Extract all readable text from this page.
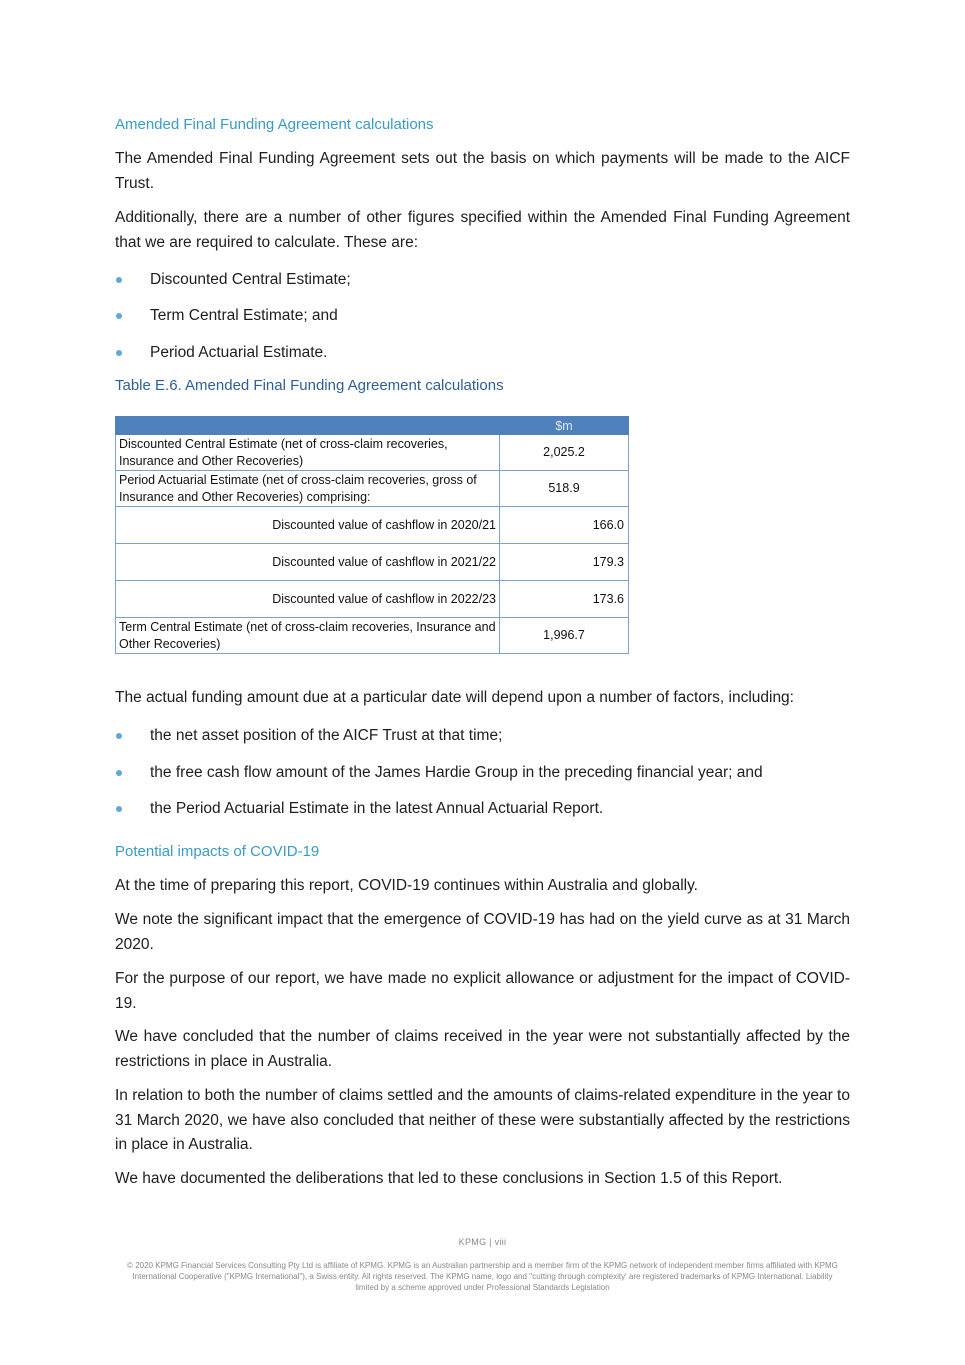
Amended Final Funding Agreement calculations
The Amended Final Funding Agreement sets out the basis on which payments will be made to the AICF Trust.
Additionally, there are a number of other figures specified within the Amended Final Funding Agreement that we are required to calculate. These are:
Discounted Central Estimate;
Term Central Estimate; and
Period Actuarial Estimate.
Table E.6. Amended Final Funding Agreement calculations
	$m
Discounted Central Estimate (net of cross-claim recoveries, Insurance and Other Recoveries)	2,025.2
Period Actuarial Estimate (net of cross-claim recoveries, gross of Insurance and Other Recoveries) comprising:	518.9
Discounted value of cashflow in 2020/21	166.0
Discounted value of cashflow in 2021/22	179.3
Discounted value of cashflow in 2022/23	173.6
Term Central Estimate (net of cross-claim recoveries, Insurance and Other Recoveries)	1,996.7
The actual funding amount due at a particular date will depend upon a number of factors, including:
the net asset position of the AICF Trust at that time;
the free cash flow amount of the James Hardie Group in the preceding financial year; and
the Period Actuarial Estimate in the latest Annual Actuarial Report.
Potential impacts of COVID-19
At the time of preparing this report, COVID-19 continues within Australia and globally.
We note the significant impact that the emergence of COVID-19 has had on the yield curve as at 31 March 2020.
For the purpose of our report, we have made no explicit allowance or adjustment for the impact of COVID-19.
We have concluded that the number of claims received in the year were not substantially affected by the restrictions in place in Australia.
In relation to both the number of claims settled and the amounts of claims-related expenditure in the year to 31 March 2020, we have also concluded that neither of these were substantially affected by the restrictions in place in Australia.
We have documented the deliberations that led to these conclusions in Section 1.5 of this Report.
KPMG | viii
© 2020 KPMG Financial Services Consulting Pty Ltd is affiliate of KPMG. KPMG is an Australian partnership and a member firm of the KPMG network of independent member firms affiliated with KPMG International Cooperative ("KPMG International"), a Swiss entity. All rights reserved. The KPMG name, logo and ''cutting through complexity' are registered trademarks of KPMG International. Liability limited by a scheme approved under Professional Standards Legislation
